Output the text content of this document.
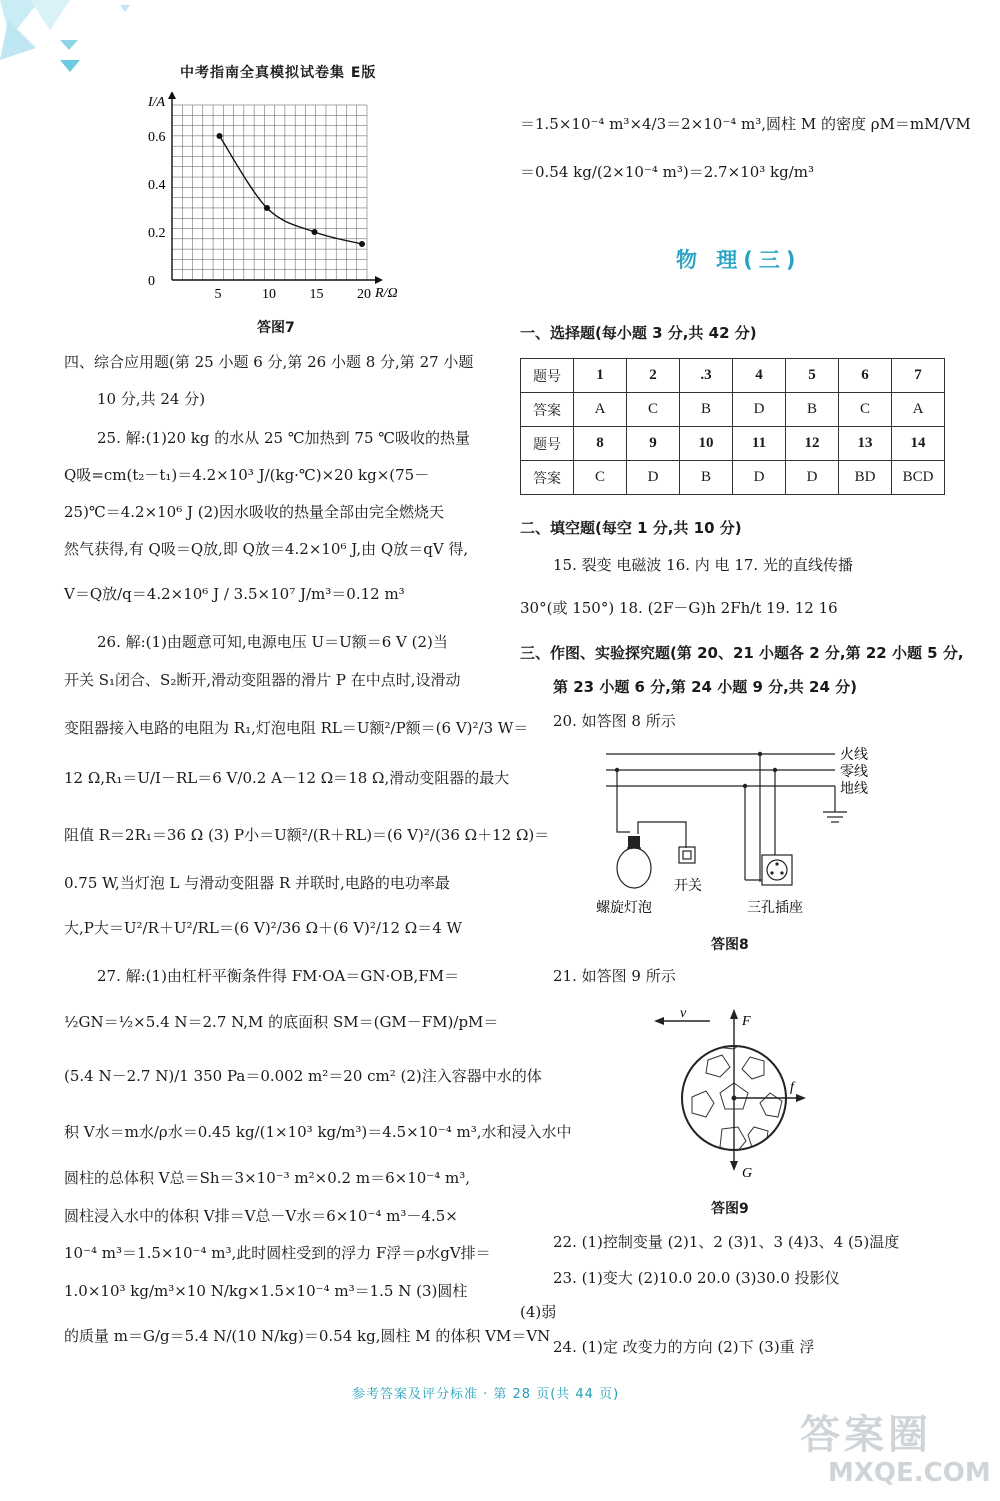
中考指南全真模拟试卷集 E版
0.6
0.4
0.2
0
5	10 15 20
I/A
R/Ω
答图7
四、综合应用题(第 25 小题 6 分,第 26 小题 8 分,第 27 小题
10 分,共 24 分)
25. 解:(1)20 kg 的水从 25 ℃加热到 75 ℃吸收的热量
Q吸=cm(t₂－t₁)＝4.2×10³ J/(kg·℃)×20 kg×(75－
25)℃＝4.2×10⁶ J (2)因水吸收的热量全部由完全燃烧天
然气获得,有 Q吸＝Q放,即 Q放＝4.2×10⁶ J,由 Q放＝qV 得,
V＝Q放/q＝4.2×10⁶ J / 3.5×10⁷ J/m³＝0.12 m³
26. 解:(1)由题意可知,电源电压 U＝U额＝6 V (2)当
开关 S₁闭合、S₂断开,滑动变阻器的滑片 P 在中点时,设滑动
变阻器接入电路的电阻为 R₁,灯泡电阻 RL＝U额²/P额＝(6 V)²/3 W＝
12 Ω,R₁＝U/I－RL＝6 V/0.2 A－12 Ω＝18 Ω,滑动变阻器的最大
阻值 R＝2R₁＝36 Ω (3) P小＝U额²/(R＋RL)＝(6 V)²/(36 Ω＋12 Ω)＝
0.75 W,当灯泡 L 与滑动变阻器 R 并联时,电路的电功率最
大,P大＝U²/R＋U²/RL＝(6 V)²/36 Ω＋(6 V)²/12 Ω＝4 W
27. 解:(1)由杠杆平衡条件得 FM·OA＝GN·OB,FM＝
½GN＝½×5.4 N＝2.7 N,M 的底面积 SM＝(GM－FM)/pM＝
(5.4 N－2.7 N)/1 350 Pa＝0.002 m²＝20 cm² (2)注入容器中水的体
积 V水＝m水/ρ水＝0.45 kg/(1×10³ kg/m³)＝4.5×10⁻⁴ m³,水和浸入水中
圆柱的总体积 V总＝Sh＝3×10⁻³ m²×0.2 m＝6×10⁻⁴ m³,
圆柱浸入水中的体积 V排＝V总－V水＝6×10⁻⁴ m³－4.5×
10⁻⁴ m³＝1.5×10⁻⁴ m³,此时圆柱受到的浮力 F浮＝ρ水gV排＝
1.0×10³ kg/m³×10 N/kg×1.5×10⁻⁴ m³＝1.5 N (3)圆柱
的质量 m＝G/g＝5.4 N/(10 N/kg)＝0.54 kg,圆柱 M 的体积 VM＝VN
＝1.5×10⁻⁴ m³×4/3＝2×10⁻⁴ m³,圆柱 M 的密度 ρM＝mM/VM
＝0.54 kg/(2×10⁻⁴ m³)＝2.7×10³ kg/m³
物 理(三)
一、选择题(每小题 3 分,共 42 分)
题号	1	2	.3	4	5	6	7
答案	A	C	B	D	B	C	A
题号	8	9	10	11	12	13	14
答案	C	D	B	D	D	BD	BCD
二、填空题(每空 1 分,共 10 分)
15. 裂变 电磁波 16. 内 电 17. 光的直线传播
30°(或 150°) 18. (2F－G)h 2Fh/t 19. 12 16
三、作图、实验探究题(第 20、21 小题各 2 分,第 22 小题 5 分,
第 23 小题 6 分,第 24 小题 9 分,共 24 分)
20. 如答图 8 所示
火线
零线
地线
螺旋灯泡
开关
三孔插座
答图8
21. 如答图 9 所示
v
F
f
G
答图9
22. (1)控制变量 (2)1、2 (3)1、3 (4)3、4 (5)温度
23. (1)变大 (2)10.0 20.0 (3)30.0 投影仪
(4)弱
24. (1)定 改变力的方向 (2)下 (3)重 浮
参考答案及评分标准 · 第 28 页(共 44 页)
答案圈
MXQE.COM
